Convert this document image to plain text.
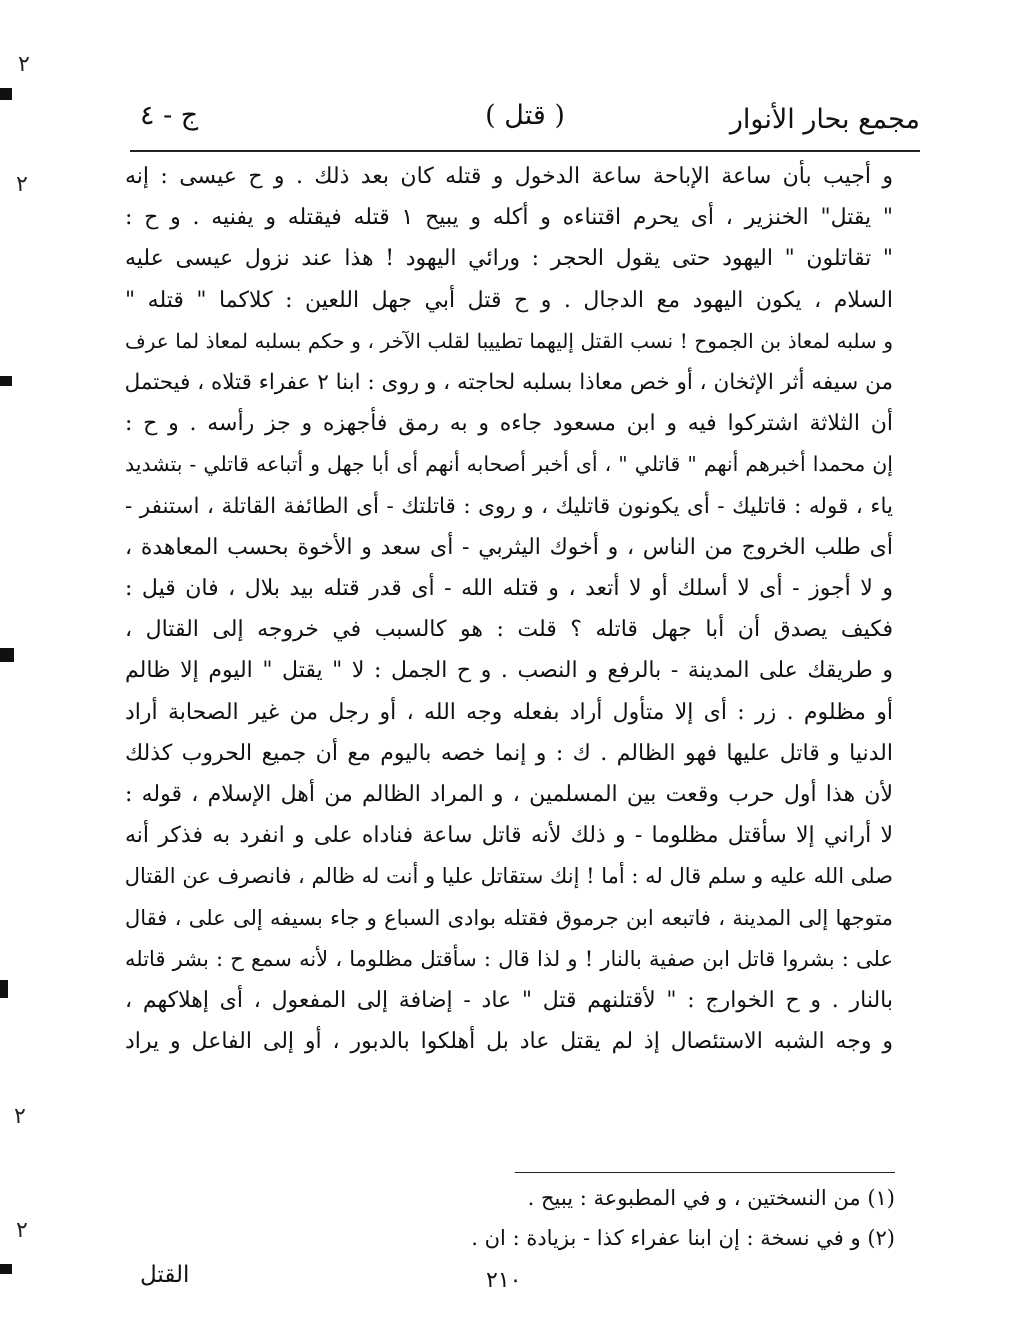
مجمع بحار الأنوار
( قتل )
ج - ٤
و أجيب بأن ساعة الإباحة ساعة الدخول و قتله كان بعد ذلك . و ح عيسى : إنه
" يقتل" الخنزير ، أى يحرم اقتناءه و أكله و يبيح ١ قتله فيقتله و يفنيه . و ح :
" تقاتلون " اليهود حتى يقول الحجر : ورائي اليهود ! هذا عند نزول عيسى عليه
السلام ، يكون اليهود مع الدجال . و ح قتل أبي جهل اللعين : كلاكما " قتله "
و سلبه لمعاذ بن الجموح ! نسب القتل إليهما تطييبا لقلب الآخر ، و حكم بسلبه لمعاذ لما عرف
من سيفه أثر الإثخان ، أو خص معاذا بسلبه لحاجته ، و روى : ابنا ٢ عفراء قتلاه ، فيحتمل
أن الثلاثة اشتركوا فيه و ابن مسعود جاءه و به رمق فأجهزه و جز رأسه . و ح :
إن محمدا أخبرهم أنهم " قاتلي " ، أى أخبر أصحابه أنهم أى أبا جهل و أتباعه قاتلي - بتشديد
ياء ، قوله : قاتليك - أى يكونون قاتليك ، و روى : قاتلتك - أى الطائفة القاتلة ، استنفر -
أى طلب الخروج من الناس ، و أخوك اليثربي - أى سعد و الأخوة بحسب المعاهدة ،
و لا أجوز - أى لا أسلك أو لا أتعد ، و قتله الله - أى قدر قتله بيد بلال ، فان قيل :
فكيف يصدق أن أبا جهل قاتله ؟ قلت : هو كالسبب في خروجه إلى القتال ،
و طريقك على المدينة - بالرفع و النصب . و ح الجمل : لا " يقتل " اليوم إلا ظالم
أو مظلوم . زر : أى إلا متأول أراد بفعله وجه الله ، أو رجل من غير الصحابة أراد
الدنيا و قاتل عليها فهو الظالم . ك : و إنما خصه باليوم مع أن جميع الحروب كذلك
لأن هذا أول حرب وقعت بين المسلمين ، و المراد الظالم من أهل الإسلام ، قوله :
لا أراني إلا سأقتل مظلوما - و ذلك لأنه قاتل ساعة فناداه على و انفرد به فذكر أنه
صلى الله عليه و سلم قال له : أما ! إنك ستقاتل عليا و أنت له ظالم ، فانصرف عن القتال
متوجها إلى المدينة ، فاتبعه ابن جرموق فقتله بوادى السباع و جاء بسيفه إلى على ، فقال
على : بشروا قاتل ابن صفية بالنار ! و لذا قال : سأقتل مظلوما ، لأنه سمع ح : بشر قاتله
بالنار . و ح الخوارج : " لأقتلنهم قتل " عاد - إضافة إلى المفعول ، أى إهلاكهم ،
و وجه الشبه الاستئصال إذ لم يقتل عاد بل أهلكوا بالدبور ، أو إلى الفاعل و يراد
(١) من النسختين ، و في المطبوعة : يبيح .
(٢) و في نسخة : إن ابنا عفراء كذا - بزيادة : ان .
القتل	٢١٠
٢
٢
٢
٢
